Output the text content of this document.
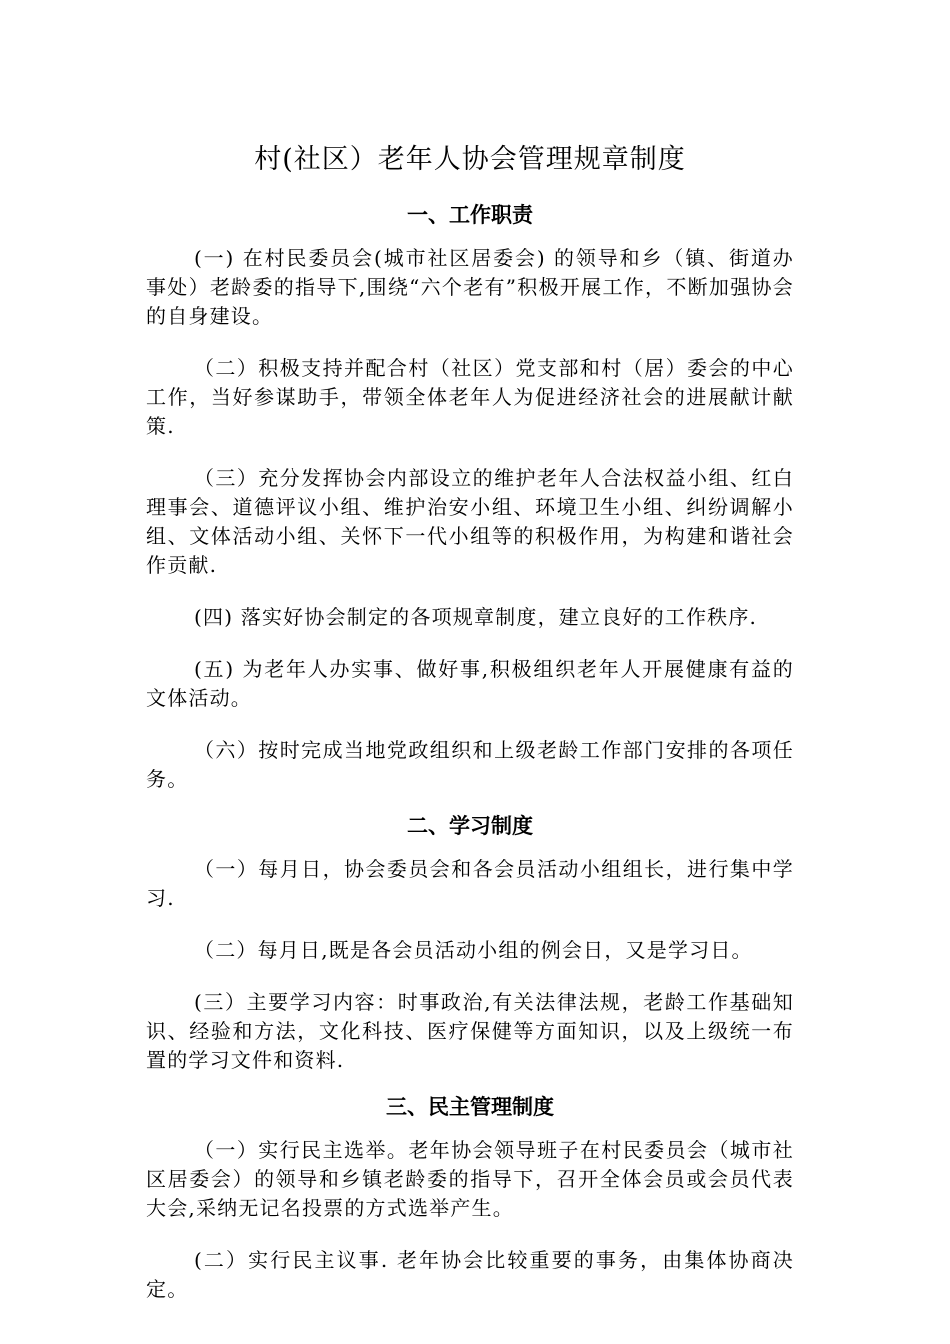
村(社区）老年人协会管理规章制度
一、工作职责

(一) 在村民委员会(城市社区居委会) 的领导和乡（镇、街道办事处）老龄委的指导下,围绕“六个老有”积极开展工作，不断加强协会的自身建设。

（二）积极支持并配合村（社区）党支部和村（居）委会的中心工作，当好参谋助手，带领全体老年人为促进经济社会的进展献计献策.

（三）充分发挥协会内部设立的维护老年人合法权益小组、红白理事会、道德评议小组、维护治安小组、环境卫生小组、纠纷调解小组、文体活动小组、关怀下一代小组等的积极作用，为构建和谐社会作贡献.

(四) 落实好协会制定的各项规章制度，建立良好的工作秩序.

(五) 为老年人办实事、做好事,积极组织老年人开展健康有益的文体活动。

（六）按时完成当地党政组织和上级老龄工作部门安排的各项任务。

二、学习制度

（一）每月日，协会委员会和各会员活动小组组长，进行集中学习.

（二）每月日,既是各会员活动小组的例会日，又是学习日。

(三）主要学习内容：时事政治,有关法律法规，老龄工作基础知识、经验和方法，文化科技、医疗保健等方面知识，以及上级统一布置的学习文件和资料.

三、民主管理制度

（一）实行民主选举。老年协会领导班子在村民委员会（城市社区居委会）的领导和乡镇老龄委的指导下，召开全体会员或会员代表大会,采纳无记名投票的方式选举产生。

(二）实行民主议事. 老年协会比较重要的事务，由集体协商决定。
